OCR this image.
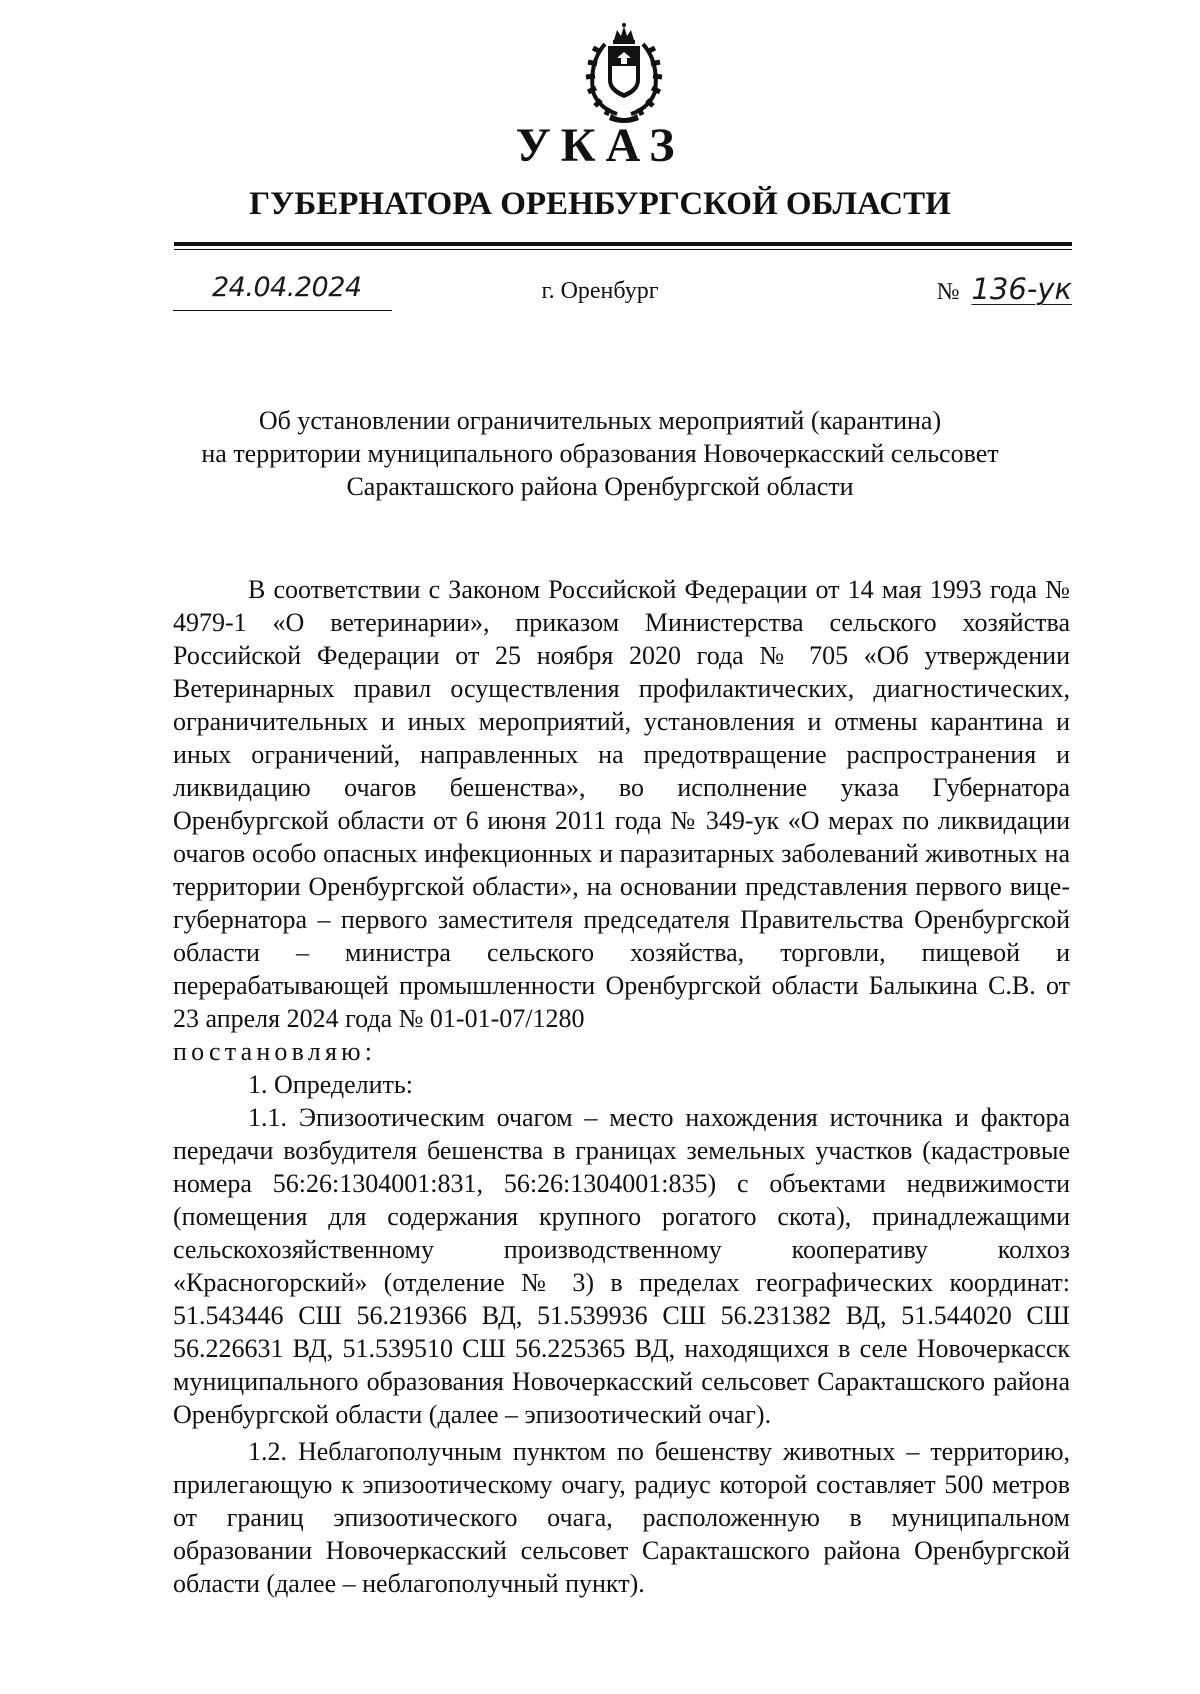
УКАЗ
ГУБЕРНАТОРА ОРЕНБУРГСКОЙ ОБЛАСТИ
24.04.2024	г. Оренбург	№ 136-ук
Об установлении ограничительных мероприятий (карантина)
на территории муниципального образования Новочеркасский сельсовет
Саракташского района Оренбургской области

В соответствии с Законом Российской Федерации от 14 мая 1993 года № 4979-1 «О ветеринарии», приказом Министерства сельского хозяйства Российской Федерации от 25 ноября 2020 года № 705 «Об утверждении Ветеринарных правил осуществления профилактических, диагностических, ограничительных и иных мероприятий, установления и отмены карантина и иных ограничений, направленных на предотвращение распространения и ликвидацию очагов бешенства», во исполнение указа Губернатора Оренбургской области от 6 июня 2011 года № 349-ук «О мерах по ликвидации очагов особо опасных инфекционных и паразитарных заболеваний животных на территории Оренбургской области», на основании представления первого вице-губернатора – первого заместителя председателя Правительства Оренбургской области – министра сельского хозяйства, торговли, пищевой и перерабатывающей промышленности Оренбургской области Балыкина С.В. от 23 апреля 2024 года № 01-01-07/1280

постановляю:

1. Определить:

1.1. Эпизоотическим очагом – место нахождения источника и фактора передачи возбудителя бешенства в границах земельных участков (кадастровые номера 56:26:1304001:831, 56:26:1304001:835) с объектами недвижимости (помещения для содержания крупного рогатого скота), принадлежащими сельскохозяйственному производственному кооперативу колхоз «Красногорский» (отделение № 3) в пределах географических координат: 51.543446 СШ 56.219366 ВД, 51.539936 СШ 56.231382 ВД, 51.544020 СШ 56.226631 ВД, 51.539510 СШ 56.225365 ВД, находящихся в селе Новочеркасск муниципального образования Новочеркасский сельсовет Саракташского района Оренбургской области (далее – эпизоотический очаг).

1.2. Неблагополучным пунктом по бешенству животных – территорию, прилегающую к эпизоотическому очагу, радиус которой составляет 500 метров от границ эпизоотического очага, расположенную в муниципальном образовании Новочеркасский сельсовет Саракташского района Оренбургской области (далее – неблагополучный пункт).
